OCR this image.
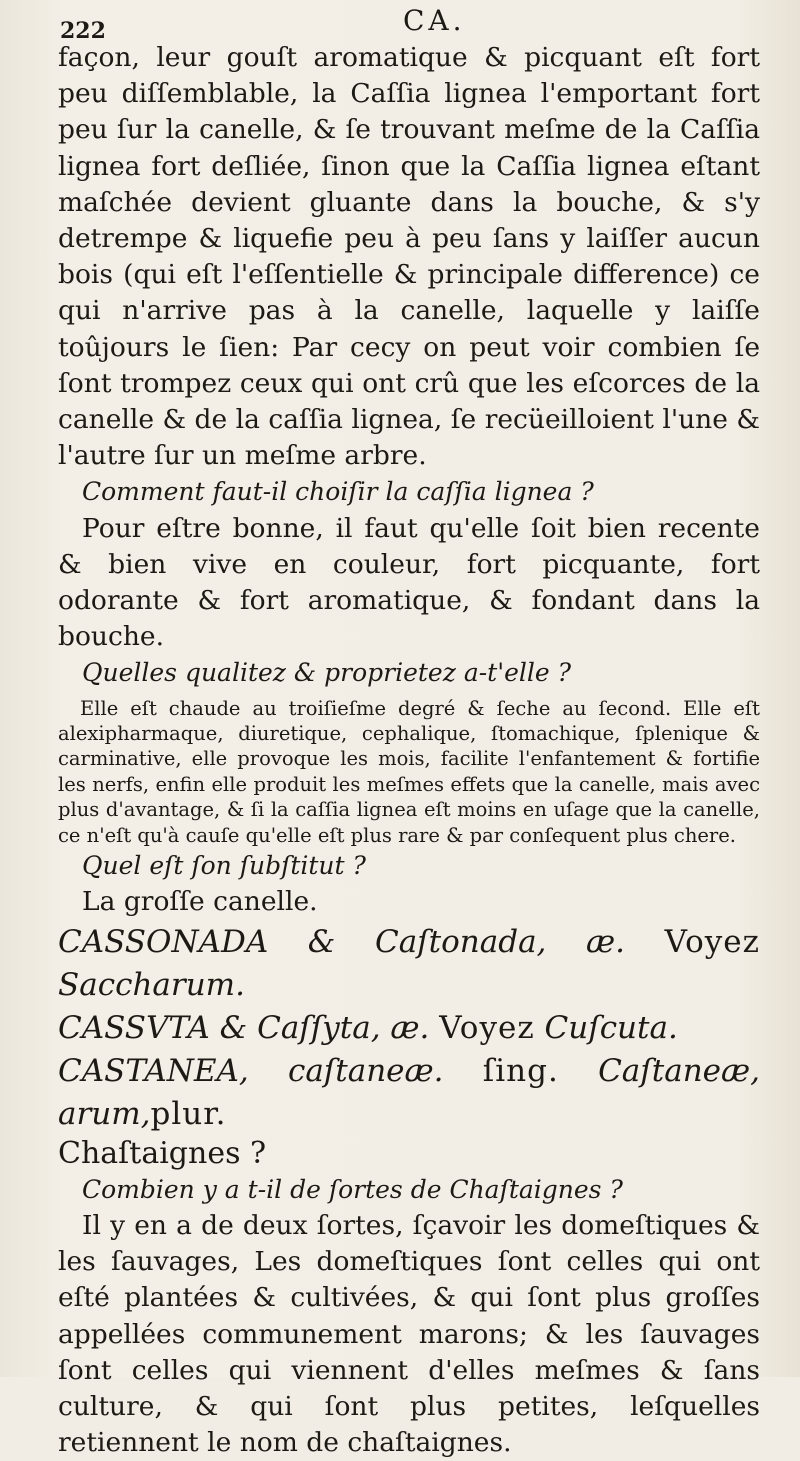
222	CA.

façon, leur gouſt aromatique & picquant eſt fort peu diſſemblable, la Caſſia lignea l'emportant fort peu ſur la canelle, & ſe trouvant meſme de la Caſſia lignea fort deſliée, ſinon que la Caſſia lignea eſtant maſchée devient gluante dans la bouche, & s'y detrempe & liquefie peu à peu ſans y laiſſer aucun bois (qui eſt l'eſſentielle & principale difference) ce qui n'arrive pas à la canelle, laquelle y laiſſe toûjours le ſien: Par cecy on peut voir combien ſe ſont trompez ceux qui ont crû que les eſcorces de la canelle & de la caſſia lignea, ſe recüeilloient l'une & l'autre ſur un meſme arbre.

Comment faut-il choiſir la caſſia lignea ?

Pour eſtre bonne, il faut qu'elle ſoit bien recente & bien vive en couleur, fort picquante, fort odorante & fort aromatique, & fondant dans la bouche.

Quelles qualitez & proprietez a-t'elle ?

Elle eſt chaude au troiſieſme degré & ſeche au ſecond. Elle eſt alexipharmaque, diuretique, cephalique, ſtomachique, ſplenique & carminative, elle provoque les mois, facilite l'enfantement & fortifie les nerfs, enfin elle produit les meſmes effets que la canelle, mais avec plus d'avantage, & ſi la caſſia lignea eſt moins en uſage que la canelle, ce n'eſt qu'à cauſe qu'elle eſt plus rare & par conſequent plus chere.

Quel eſt ſon ſubſtitut ?

La groſſe canelle.

CASSONADA & Caſtonada, æ. Voyez Saccharum.

CASSVTA & Caſſyta, æ. Voyez Cuſcuta.

CASTANEA, caſtaneæ. ſing. Caſtaneæ, arum,plur.

Chaſtaignes ?

Combien y a t-il de ſortes de Chaſtaignes ?

Il y en a de deux ſortes, ſçavoir les domeſtiques & les ſauvages, Les domeſtiques ſont celles qui ont eſté plantées & cultivées, & qui ſont plus groſſes appellées communement marons; & les ſauvages ſont celles qui viennent d'elles meſmes & ſans culture, & qui ſont plus petites, leſquelles retiennent le nom de chaſtaignes.
